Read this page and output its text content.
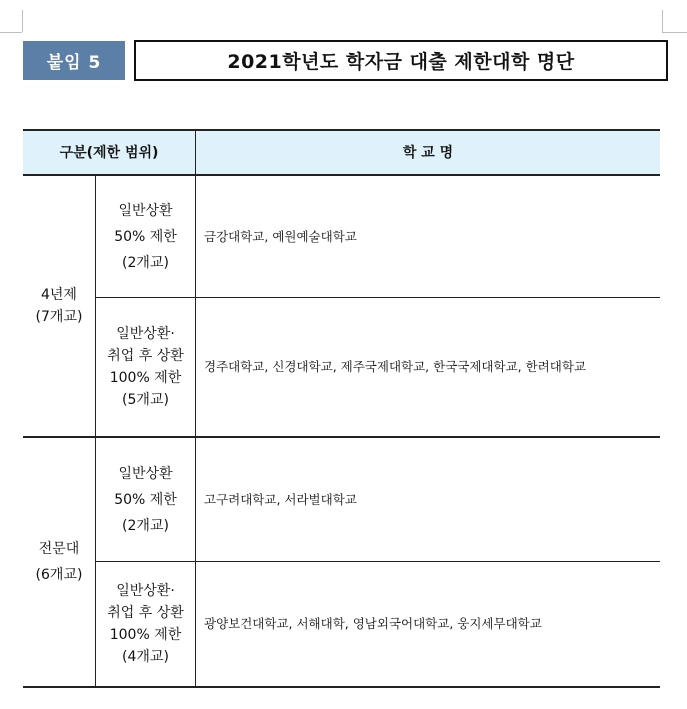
붙임 5	2021학년도 학자금 대출 제한대학 명단
구분(제한 범위)	학 교 명
4년제
(7개교)
일반상환
50% 제한
(2개교)
금강대학교, 예원예술대학교
일반상환·
취업 후 상환
100% 제한
(5개교)
경주대학교, 신경대학교, 제주국제대학교, 한국국제대학교, 한려대학교
전문대
(6개교)
일반상환
50% 제한
(2개교)
고구려대학교, 서라벌대학교
일반상환·
취업 후 상환
100% 제한
(4개교)
광양보건대학교, 서해대학, 영남외국어대학교, 웅지세무대학교
